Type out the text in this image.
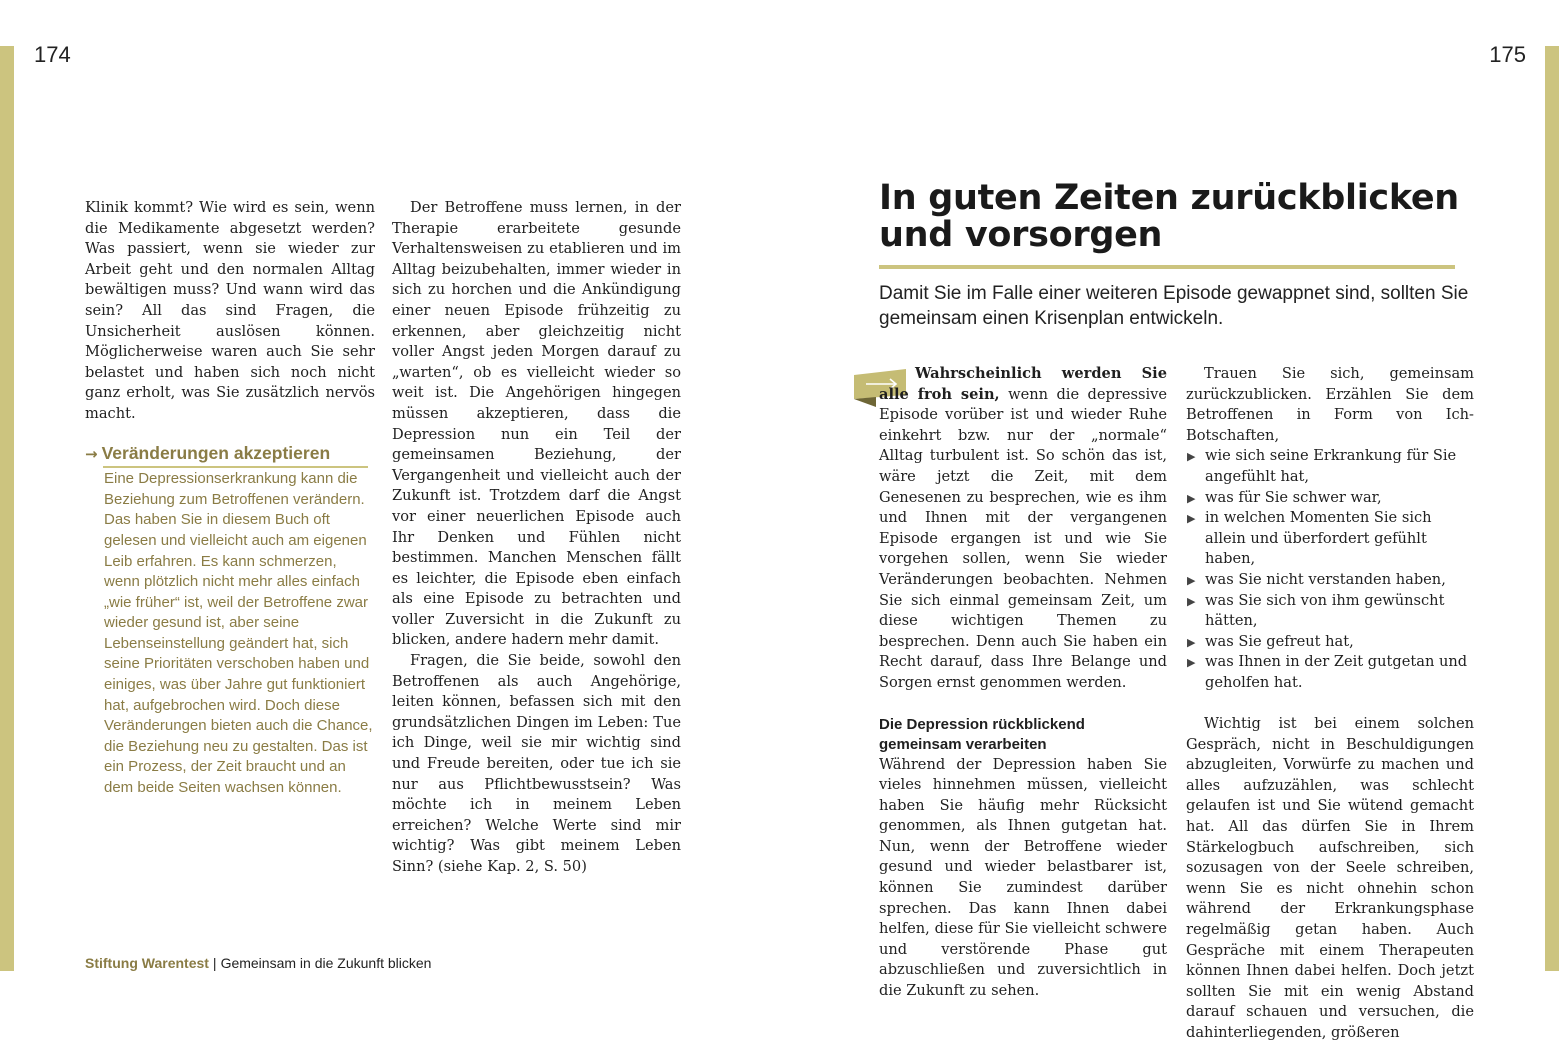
174	175

Klinik kommt? Wie wird es sein, wenn die Medikamente abgesetzt werden? Was passiert, wenn sie wieder zur Arbeit geht und den normalen Alltag bewältigen muss? Und wann wird das sein? All das sind Fragen, die Unsicherheit auslösen können. Möglicherweise waren auch Sie sehr belastet und haben sich noch nicht ganz erholt, was Sie zusätzlich nervös macht.

→ Veränderungen akzeptieren
Eine Depressionserkrankung kann die Beziehung zum Betroffenen verändern. Das haben Sie in diesem Buch oft gelesen und vielleicht auch am eigenen Leib erfahren. Es kann schmerzen, wenn plötzlich nicht mehr alles einfach „wie früher“ ist, weil der Betroffene zwar wieder gesund ist, aber seine Lebenseinstellung geändert hat, sich seine Prioritäten verschoben haben und einiges, was über Jahre gut funktioniert hat, aufgebrochen wird. Doch diese Veränderungen bieten auch die Chance, die Beziehung neu zu gestalten. Das ist ein Prozess, der Zeit braucht und an dem beide Seiten wachsen können.

Der Betroffene muss lernen, in der Therapie erarbeitete gesunde Verhaltensweisen zu etablieren und im Alltag beizubehalten, immer wieder in sich zu horchen und die Ankündigung einer neuen Episode frühzeitig zu erkennen, aber gleichzeitig nicht voller Angst jeden Morgen darauf zu „warten“, ob es vielleicht wieder so weit ist. Die Angehörigen hingegen müssen akzeptieren, dass die Depression nun ein Teil der gemeinsamen Beziehung, der Vergangenheit und vielleicht auch der Zukunft ist. Trotzdem darf die Angst vor einer neuerlichen Episode auch Ihr Denken und Fühlen nicht bestimmen. Manchen Menschen fällt es leichter, die Episode eben einfach als eine Episode zu betrachten und voller Zuversicht in die Zukunft zu blicken, andere hadern mehr damit.

Fragen, die Sie beide, sowohl den Betroffenen als auch Angehörige, leiten können, befassen sich mit den grundsätzlichen Dingen im Leben: Tue ich Dinge, weil sie mir wichtig sind und Freude bereiten, oder tue ich sie nur aus Pflichtbewusstsein? Was möchte ich in meinem Leben erreichen? Welche Werte sind mir wichtig? Was gibt meinem Leben Sinn? (siehe Kap. 2, S. 50)

In guten Zeiten zurückblicken
und vorsorgen
Damit Sie im Falle einer weiteren Episode gewappnet sind, sollten Sie gemeinsam einen Krisenplan entwickeln.

Wahrscheinlich werden Sie alle froh sein, wenn die depressive Episode vorüber ist und wieder Ruhe einkehrt bzw. nur der „normale“ Alltag turbulent ist. So schön das ist, wäre jetzt die Zeit, mit dem Genesenen zu besprechen, wie es ihm und Ihnen mit der vergangenen Episode ergangen ist und wie Sie vorgehen sollen, wenn Sie wieder Veränderungen beobachten. Nehmen Sie sich einmal gemeinsam Zeit, um diese wichtigen Themen zu besprechen. Denn auch Sie haben ein Recht darauf, dass Ihre Belange und Sorgen ernst genommen werden.

Die Depression rückblickend gemeinsam verarbeiten

Während der Depression haben Sie vieles hinnehmen müssen, vielleicht haben Sie häufig mehr Rücksicht genommen, als Ihnen gutgetan hat. Nun, wenn der Betroffene wieder gesund und wieder belastbarer ist, können Sie zumindest darüber sprechen. Das kann Ihnen dabei helfen, diese für Sie vielleicht schwere und verstörende Phase gut abzuschließen und zuversichtlich in die Zukunft zu sehen.

Trauen Sie sich, gemeinsam zurückzublicken. Erzählen Sie dem Betroffenen in Form von Ich-Botschaften,

▶ wie sich seine Erkrankung für Sie angefühlt hat,
▶ was für Sie schwer war,
▶ in welchen Momenten Sie sich allein und überfordert gefühlt haben,
▶ was Sie nicht verstanden haben,
▶ was Sie sich von ihm gewünscht hätten,
▶ was Sie gefreut hat,
▶ was Ihnen in der Zeit gutgetan und geholfen hat.

Wichtig ist bei einem solchen Gespräch, nicht in Beschuldigungen abzugleiten, Vorwürfe zu machen und alles aufzuzählen, was schlecht gelaufen ist und Sie wütend gemacht hat. All das dürfen Sie in Ihrem Stärkelogbuch aufschreiben, sich sozusagen von der Seele schreiben, wenn Sie es nicht ohnehin schon während der Erkrankungsphase regelmäßig getan haben. Auch Gespräche mit einem Therapeuten können Ihnen dabei helfen. Doch jetzt sollten Sie mit ein wenig Abstand darauf schauen und versuchen, die dahinterliegenden, größeren

Stiftung Warentest | Gemeinsam in die Zukunft blicken
